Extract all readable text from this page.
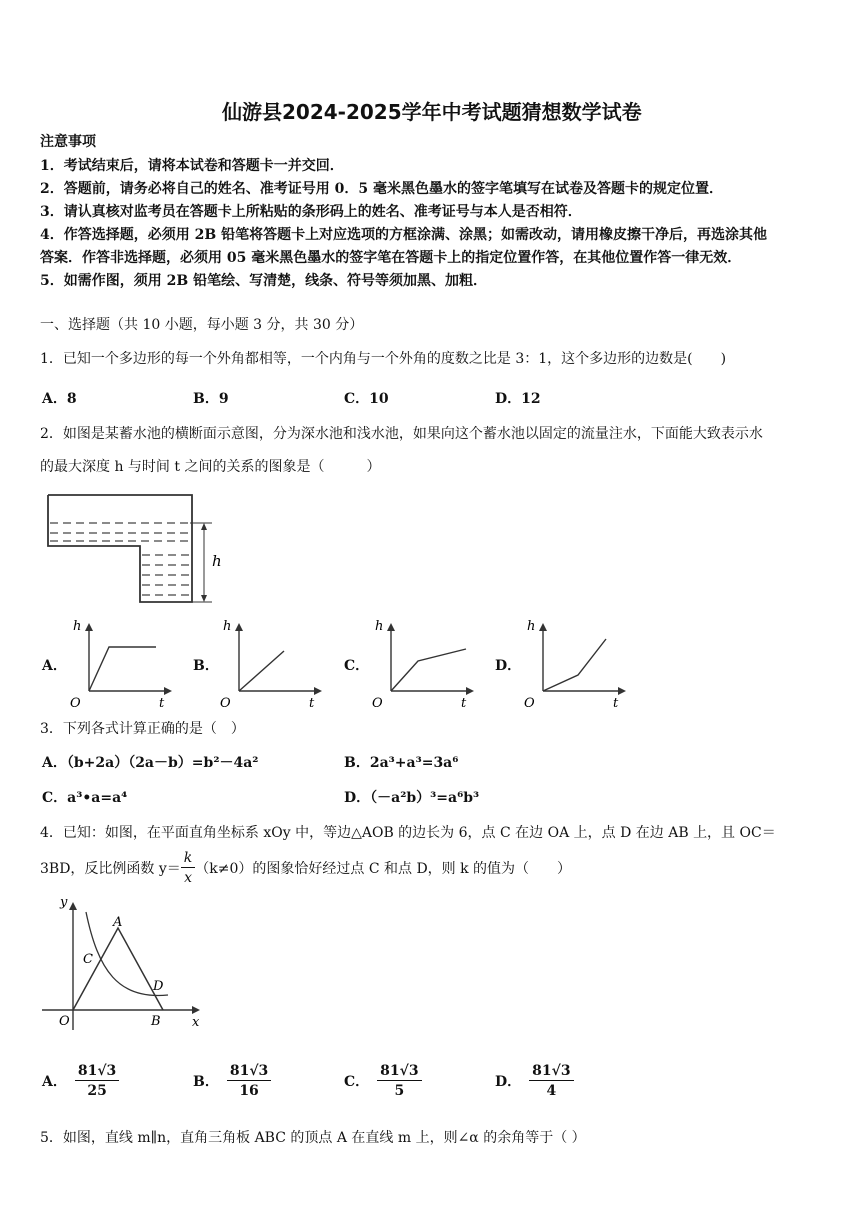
仙游县2024-2025学年中考试题猜想数学试卷
注意事项
1．考试结束后，请将本试卷和答题卡一并交回．
2．答题前，请务必将自己的姓名、准考证号用 0．5 毫米黑色墨水的签字笔填写在试卷及答题卡的规定位置．
3．请认真核对监考员在答题卡上所粘贴的条形码上的姓名、准考证号与本人是否相符．
4．作答选择题，必须用 2B 铅笔将答题卡上对应选项的方框涂满、涂黑；如需改动，请用橡皮擦干净后，再选涂其他
答案．作答非选择题，必须用 05 毫米黑色墨水的签字笔在答题卡上的指定位置作答，在其他位置作答一律无效．
5．如需作图，须用 2B 铅笔绘、写清楚，线条、符号等须加黑、加粗．
一、选择题（共 10 小题，每小题 3 分，共 30 分）
1．已知一个多边形的每一个外角都相等，一个内角与一个外角的度数之比是 3：1，这个多边形的边数是(　　)
A．8	B．9	C．10	D．12
2．如图是某蓄水池的横断面示意图，分为深水池和浅水池，如果向这个蓄水池以固定的流量注水，下面能大致表示水
的最大深度 h 与时间 t 之间的关系的图象是（　　　）
h
A．	B．	C．	D．
h
O	t
h
O	t
h
O	t
h
O	t
3．下列各式计算正确的是（　）
A．（b+2a）（2a－b）=b²－4a²	B．2a³+a³=3a⁶
C．a³•a=a⁴	D．（－a²b）³=a⁶b³
4．已知：如图，在平面直角坐标系 xOy 中，等边△AOB 的边长为 6，点 C 在边 OA 上，点 D 在边 AB 上，且 OC＝
3BD，反比例函数 $y= \frac{k}{x} (k\ne 0)$的图象恰好经过点 C 和点 D，则 k 的值为（　　）
y
x
O
A
B
C
D
A． $\frac{81√3}{25}$	B． $\frac{81√3}{16}$	C． $\frac{81√3}{5}$	D． $\frac{81√3}{4}$
5．如图，直线 m∥n，直角三角板 ABC 的顶点 A 在直线 m 上，则∠α 的余角等于（ ）
